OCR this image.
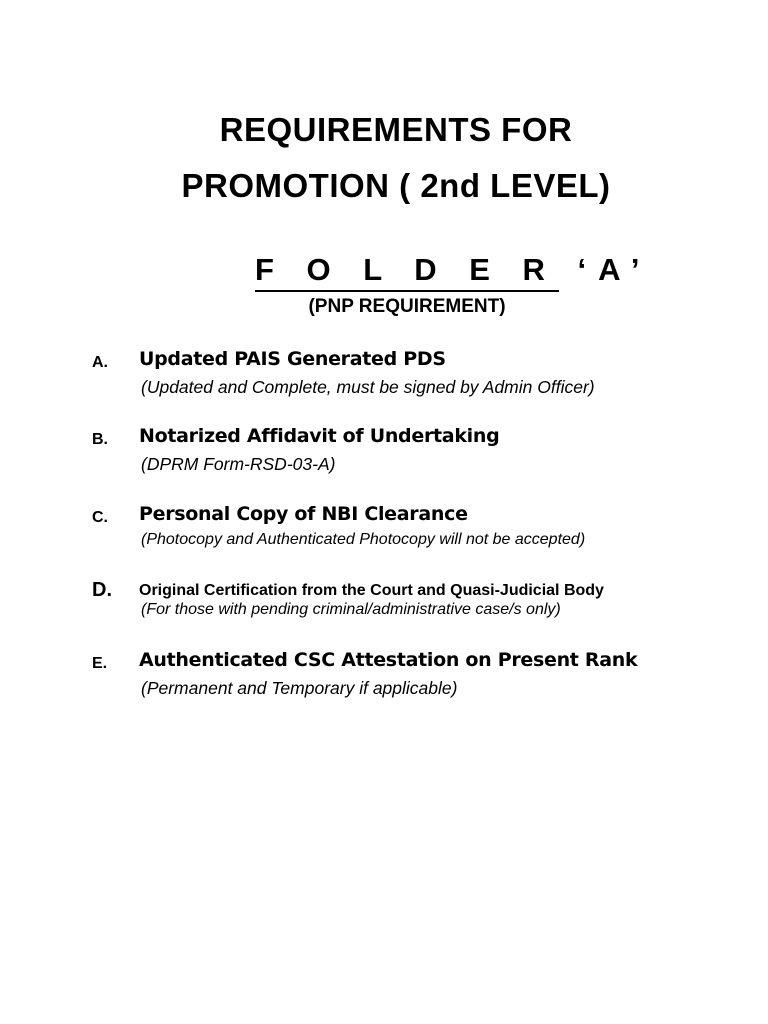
REQUIREMENTS FOR
PROMOTION ( 2nd LEVEL)
F O L D E R ‘A’
(PNP REQUIREMENT)
A. Updated PAIS Generated PDS
(Updated and Complete, must be signed by Admin Officer)
B. Notarized Affidavit of Undertaking
(DPRM Form-RSD-03-A)
C. Personal Copy of NBI Clearance
(Photocopy and Authenticated Photocopy will not be accepted)
D. Original Certification from the Court and Quasi-Judicial Body
(For those with pending criminal/administrative case/s only)
E. Authenticated CSC Attestation on Present Rank
(Permanent and Temporary if applicable)
